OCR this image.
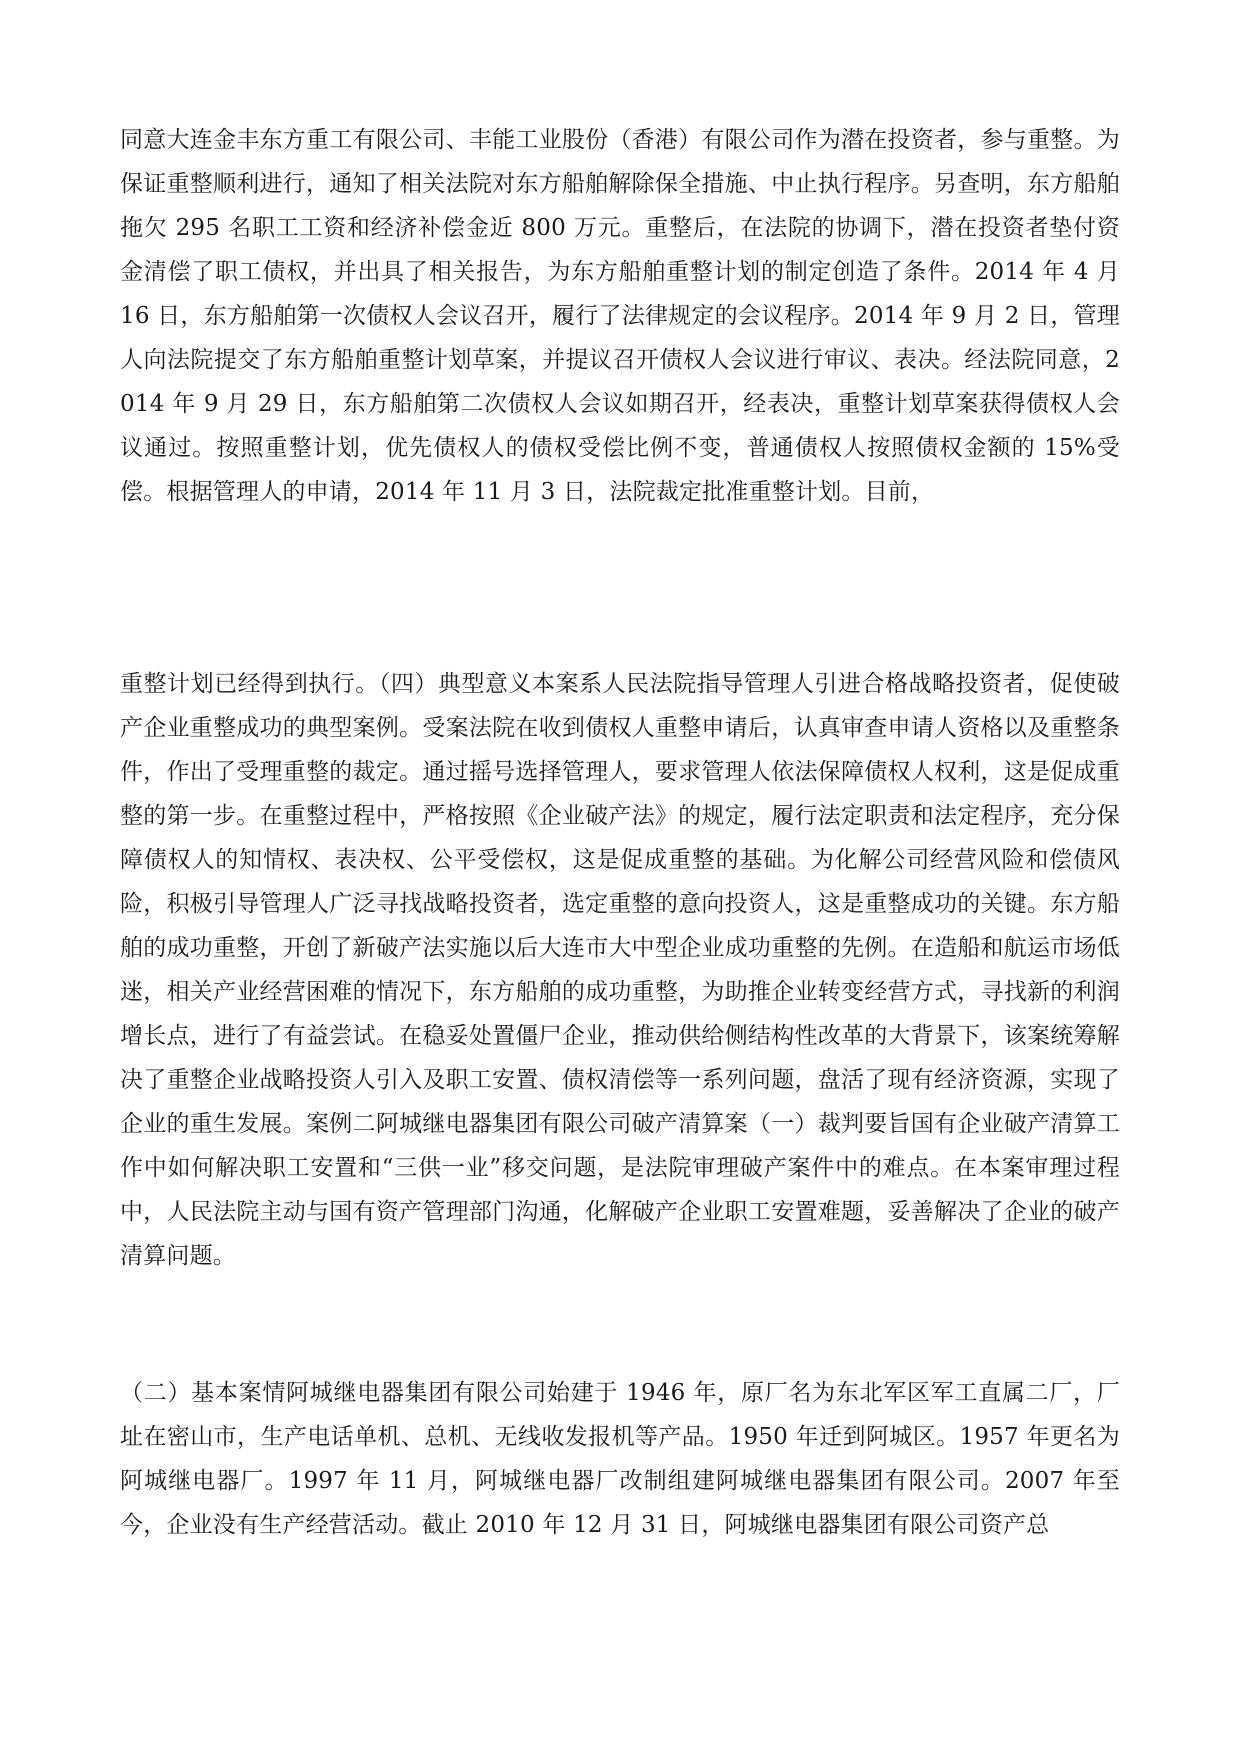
同意大连金丰东方重工有限公司、丰能工业股份（香港）有限公司作为潜在投资者，参与重整。为保证重整顺利进行，通知了相关法院对东方船舶解除保全措施、中止执行程序。另查明，东方船舶拖欠 295 名职工工资和经济补偿金近 800 万元。重整后，在法院的协调下，潜在投资者垫付资金清偿了职工债权，并出具了相关报告，为东方船舶重整计划的制定创造了条件。2014 年 4 月 16 日，东方船舶第一次债权人会议召开，履行了法律规定的会议程序。2014 年 9 月 2 日，管理人向法院提交了东方船舶重整计划草案，并提议召开债权人会议进行审议、表决。经法院同意，2014 年 9 月 29 日，东方船舶第二次债权人会议如期召开，经表决，重整计划草案获得债权人会议通过。按照重整计划，优先债权人的债权受偿比例不变，普通债权人按照债权金额的 15%受偿。根据管理人的申请，2014 年 11 月 3 日，法院裁定批准重整计划。目前，

重整计划已经得到执行。（四）典型意义本案系人民法院指导管理人引进合格战略投资者，促使破产企业重整成功的典型案例。受案法院在收到债权人重整申请后，认真审查申请人资格以及重整条件，作出了受理重整的裁定。通过摇号选择管理人，要求管理人依法保障债权人权利，这是促成重整的第一步。在重整过程中，严格按照《企业破产法》的规定，履行法定职责和法定程序，充分保障债权人的知情权、表决权、公平受偿权，这是促成重整的基础。为化解公司经营风险和偿债风险，积极引导管理人广泛寻找战略投资者，选定重整的意向投资人，这是重整成功的关键。东方船舶的成功重整，开创了新破产法实施以后大连市大中型企业成功重整的先例。在造船和航运市场低迷，相关产业经营困难的情况下，东方船舶的成功重整，为助推企业转变经营方式，寻找新的利润增长点，进行了有益尝试。在稳妥处置僵尸企业，推动供给侧结构性改革的大背景下，该案统筹解决了重整企业战略投资人引入及职工安置、债权清偿等一系列问题，盘活了现有经济资源，实现了企业的重生发展。案例二阿城继电器集团有限公司破产清算案（一）裁判要旨国有企业破产清算工作中如何解决职工安置和“三供一业”移交问题，是法院审理破产案件中的难点。在本案审理过程中，人民法院主动与国有资产管理部门沟通，化解破产企业职工安置难题，妥善解决了企业的破产清算问题。

（二）基本案情阿城继电器集团有限公司始建于 1946 年，原厂名为东北军区军工直属二厂，厂址在密山市，生产电话单机、总机、无线收发报机等产品。1950 年迁到阿城区。1957 年更名为阿城继电器厂。1997 年 11 月，阿城继电器厂改制组建阿城继电器集团有限公司。2007 年至今，企业没有生产经营活动。截止 2010 年 12 月 31 日，阿城继电器集团有限公司资产总
